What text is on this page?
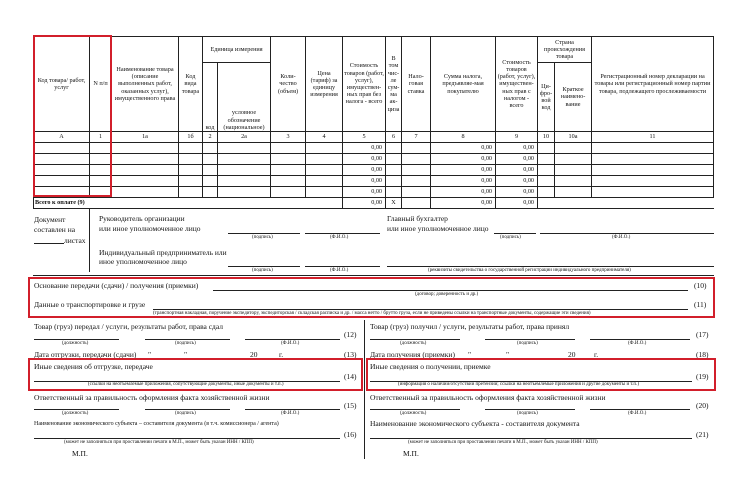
Код товара/ работ, услуг	N п/п	Наименование товара (описание выполненных работ, оказанных услуг), имущественного права	Код вида товара	Единица измерения		Коли-чество (объем)	Цена (тариф) за единицу измерения	Стоимость товаров (работ, услуг), имуществен-ных прав без налога - всего	В том чис-ле сум-ма ак-циза	Нало-говая ставка	Сумма налога, предъявляе-мая покупателю	Стоимость товаров (работ, услуг), имуществен-ных прав с налогом - всего	Страна происхождения товара		Регистрационный номер декларации на товары или регистрационный номер партии товара, подлежащего прослеживаемости
				код	условное обозначение (национальное)								Ци-фро-вой код	Краткое наимено-вание	

А	1	1а	1б	2	2а	3	4	5	6	7	8	9	10	10а	11
								0,00			0,00	0,00			
								0,00			0,00	0,00			
								0,00			0,00	0,00			
								0,00			0,00	0,00			
								0,00			0,00	0,00			
Всего к оплате (9)								0,00	X		0,00	0,00			
Документ
составлен на
листах
Руководитель организации
или иное уполномоченное лицо
(подпись)	(Ф.И.О.)
Главный бухгалтер
или иное уполномоченное лицо
(подпись)	(Ф.И.О.)
Индивидуальный предприниматель или
иное уполномоченное лицо
(подпись)	(Ф.И.О.)	(реквизиты свидетельства о государственной регистрации индивидуального предпринимателя)
Основание передачи (сдачи) / получения (приемки)	(10)
(договор; доверенность и др.)
Данные о транспортировке и грузе	(11)
(транспортная накладная, поручение экспедитору, экспедиторская / складская расписка и др. / масса нетто / брутто груза, если не приведены ссылки на транспортные документы, содержащие эти сведения)
Товар (груз) передал / услуги, результаты работ, права сдал
(12)
(должность)	(подпись)	(Ф.И.О.)
Дата отгрузки, передачи (сдачи) "	"	20	г.	(13)
Иные сведения об отгрузке, передаче
(14)
(ссылки на неотъемлемые приложения, сопутствующие документы, иные документы и т.п.)
Ответственный за правильность оформления факта хозяйственной жизни
(15)
(должность)	(подпись)	(Ф.И.О.)
Наименование экономического субъекта – составителя документа (в т.ч. комиссионера / агента)
(16)
(может не заполняться при проставлении печати в М.П., может быть указан ИНН / КПП)
М.П.
Товар (груз) получил / услуги, результаты работ, права принял
(17)
(должность)	(подпись)	(Ф.И.О.)
Дата получения (приемки) "	"	20 г.	(18)
Иные сведения о получении, приемке
(19)
(информация о наличии/отсутствии претензии; ссылки на неотъемлемые приложения и другие документы и т.п.)
Ответственный за правильность оформления факта хозяйственной жизни
(20)
(должность)	(подпись)	(Ф.И.О.)
Наименование экономического субъекта - составителя документа
(21)
(может не заполняться при проставлении печати в М.П., может быть указан ИНН / КПП)
М.П.
